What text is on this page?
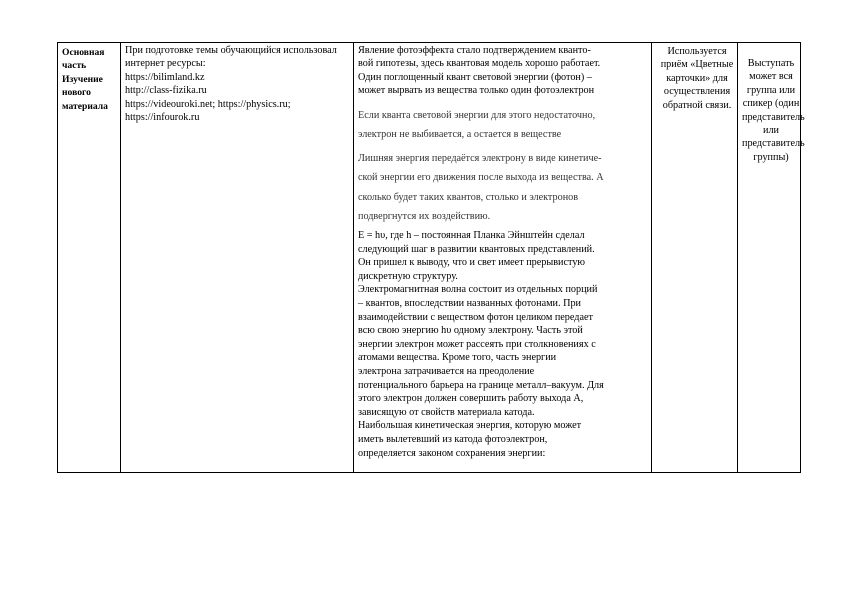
Основная часть
Изучение нового материала
При подготовке темы обучающийся использовал интернет ресурсы:
https://bilimland.kz
http://class-fizika.ru
https://videouroki.net; https://physics.ru;
https://infourok.ru
Явление фотоэффекта стало подтверждением кванто-
вой гипотезы, здесь квантовая модель хорошо работает.
Один поглощенный квант световой энергии (фотон) –
может вырвать из вещества только один фотоэлектрон
Если кванта световой энергии для этого недостаточно,
электрон не выбивается, а остается в веществе
Лишняя энергия передаётся электрону в виде кинетиче-
ской энергии его движения после выхода из вещества. А
сколько будет таких квантов, столько и электронов
подвергнутся их воздействию.
E = hυ, где h – постоянная Планка Эйнштейн сделал
следующий шаг в развитии квантовых представлений.
Он пришел к выводу, что и свет имеет прерывистую
дискретную структуру.
Электромагнитная волна состоит из отдельных порций
– квантов, впоследствии названных фотонами. При
взаимодействии с веществом фотон целиком передает
всю свою энергию hυ одному электрону. Часть этой
энергии электрон может рассеять при столкновениях с
атомами вещества. Кроме того, часть энергии
электрона затрачивается на преодоление
потенциального барьера на границе металл–вакуум. Для
этого электрон должен совершить работу выхода A,
зависящую от свойств материала катода.
Наибольшая кинетическая энергия, которую может
иметь вылетевший из катода фотоэлектрон,
определяется законом сохранения энергии:
Используется приём «Цветные карточки» для осуществления обратной связи.
Выступать может вся группа или спикер (один представитель или представитель группы)
